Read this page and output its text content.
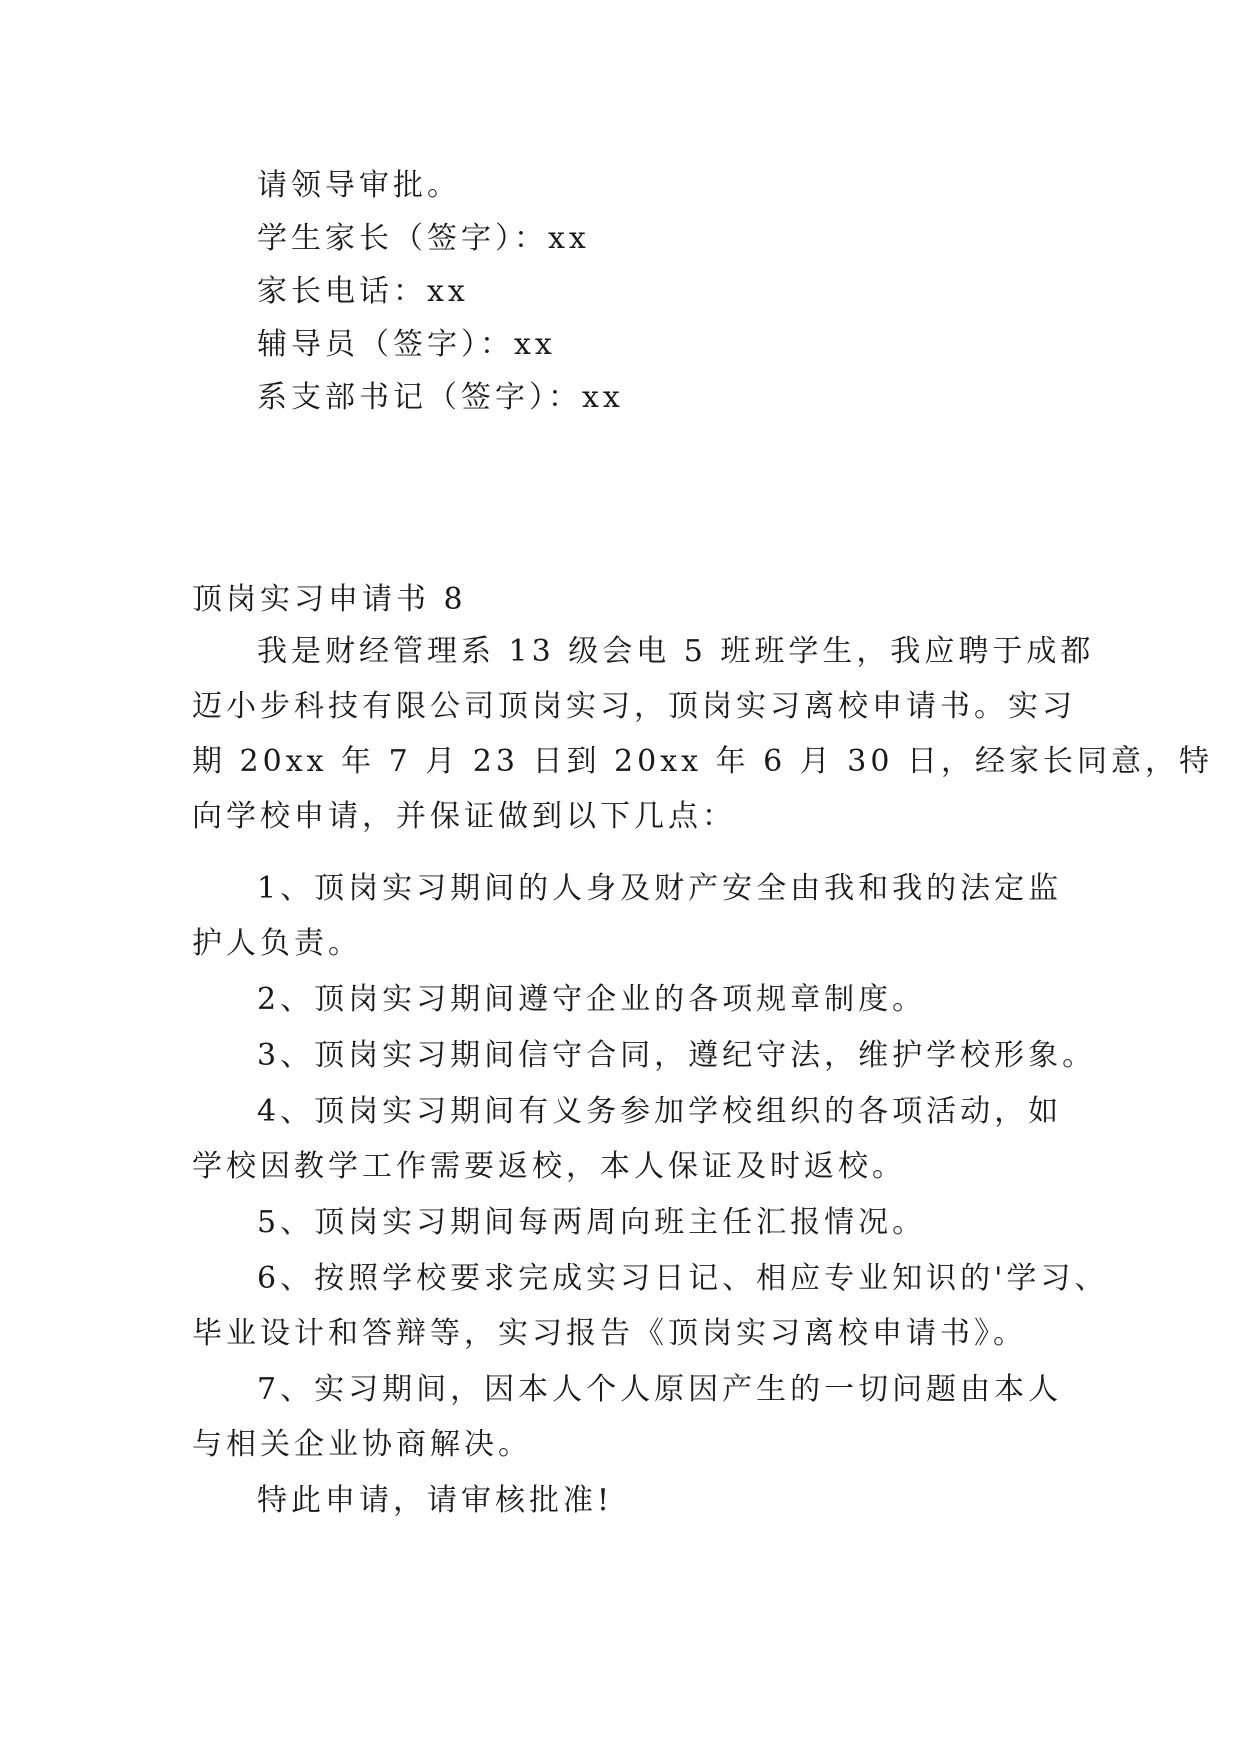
请领导审批。
学生家长（签字）：xx
家长电话：xx
辅导员（签字）：xx
系支部书记（签字）：xx
顶岗实习申请书 8
我是财经管理系 13 级会电 5 班班学生，我应聘于成都
迈小步科技有限公司顶岗实习，顶岗实习离校申请书。实习
期 20xx 年 7 月 23 日到 20xx 年 6 月 30 日，经家长同意，特
向学校申请，并保证做到以下几点：
1、顶岗实习期间的人身及财产安全由我和我的法定监
护人负责。
2、顶岗实习期间遵守企业的各项规章制度。
3、顶岗实习期间信守合同，遵纪守法，维护学校形象。
4、顶岗实习期间有义务参加学校组织的各项活动，如
学校因教学工作需要返校，本人保证及时返校。
5、顶岗实习期间每两周向班主任汇报情况。
6、按照学校要求完成实习日记、相应专业知识的'学习、
毕业设计和答辩等，实习报告《顶岗实习离校申请书》。
7、实习期间，因本人个人原因产生的一切问题由本人
与相关企业协商解决。
特此申请，请审核批准!
